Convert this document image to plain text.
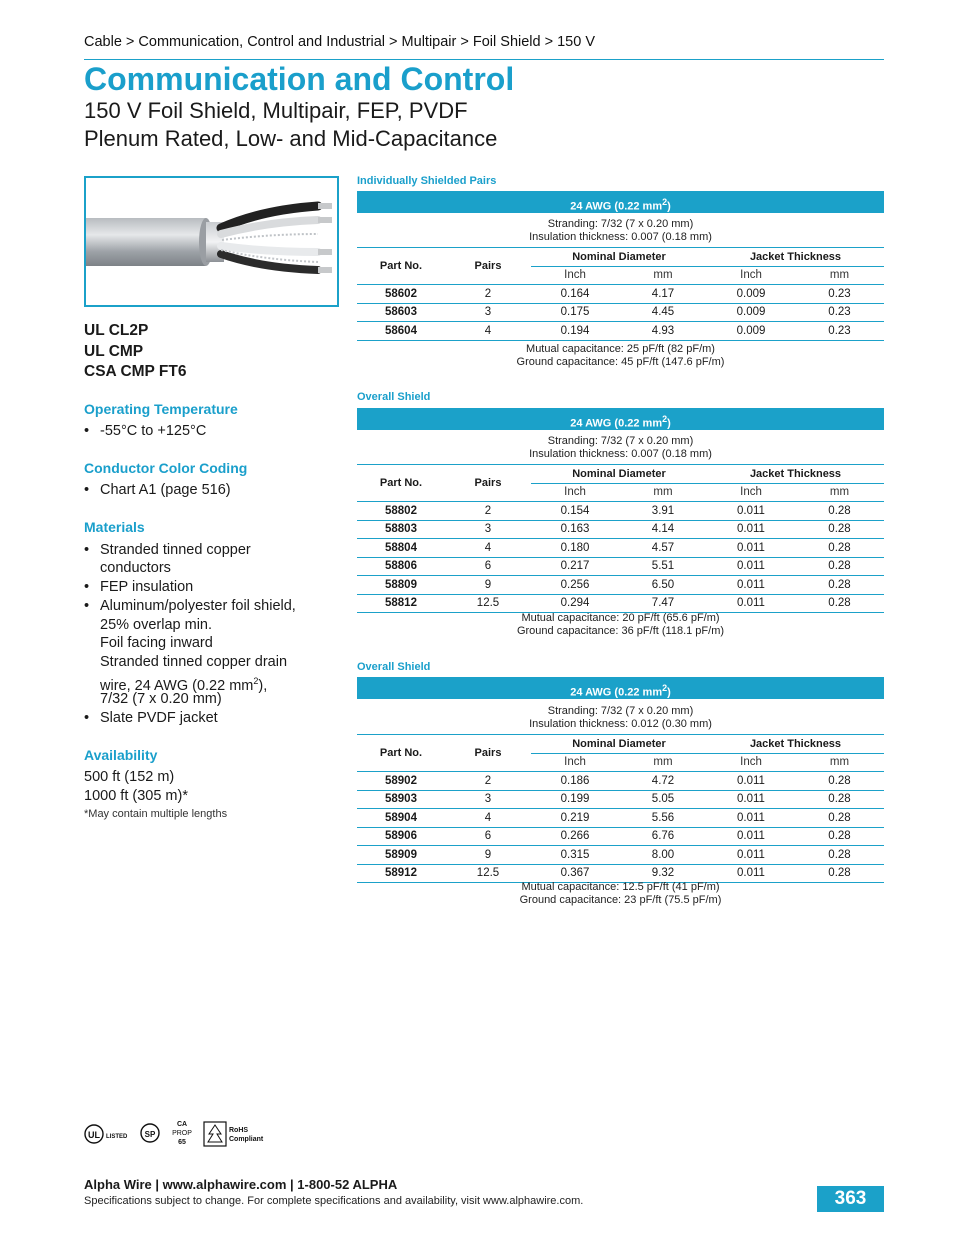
Cable > Communication, Control and Industrial > Multipair > Foil Shield > 150 V
Communication and Control
150 V Foil Shield, Multipair, FEP, PVDF
Plenum Rated, Low- and Mid-Capacitance
UL CL2P
UL CMP
CSA CMP FT6
Operating Temperature
• -55°C to +125°C
Conductor Color Coding
• Chart A1 (page 516)
Materials
• Stranded tinned copper
conductors
• FEP insulation
• Aluminum/polyester foil shield,
25% overlap min.
Foil facing inward
Stranded tinned copper drain
wire, 24 AWG (0.22 $mm^2$),
7/32 (7 x 0.20 mm)
• Slate PVDF jacket
Availability
500 ft (152 m)
1000 ft (305 m)*
*May contain multiple lengths
Individually Shielded Pairs
24 AWG (0.22 $mm^2$)
Stranding: 7/32 (7 x 0.20 mm)
Insulation thickness: 0.007 (0.18 mm)
Part No.	Pairs	Nominal Diameter		Jacket Thickness	
		Inch	mm	Inch	mm
58602	2	0.164	4.17	0.009	0.23
58603	3	0.175	4.45	0.009	0.23
58604	4	0.194	4.93	0.009	0.23
Mutual capacitance: 25 pF/ft (82 pF/m)
Ground capacitance: 45 pF/ft (147.6 pF/m)
Overall Shield
24 AWG (0.22 $mm^2$)
Stranding: 7/32 (7 x 0.20 mm)
Insulation thickness: 0.007 (0.18 mm)
Part No.	Pairs	Nominal Diameter		Jacket Thickness	
		Inch	mm	Inch	mm
58802	2	0.154	3.91	0.011	0.28
58803	3	0.163	4.14	0.011	0.28
58804	4	0.180	4.57	0.011	0.28
58806	6	0.217	5.51	0.011	0.28
58809	9	0.256	6.50	0.011	0.28
58812	12.5	0.294	7.47	0.011	0.28
Mutual capacitance: 20 pF/ft (65.6 pF/m)
Ground capacitance: 36 pF/ft (118.1 pF/m)
Overall Shield
24 AWG (0.22 $mm^2$)
Stranding: 7/32 (7 x 0.20 mm)
Insulation thickness: 0.012 (0.30 mm)
Part No.	Pairs	Nominal Diameter		Jacket Thickness	
		Inch	mm	Inch	mm
58902	2	0.186	4.72	0.011	0.28
58903	3	0.199	5.05	0.011	0.28
58904	4	0.219	5.56	0.011	0.28
58906	6	0.266	6.76	0.011	0.28
58909	9	0.315	8.00	0.011	0.28
58912	12.5	0.367	9.32	0.011	0.28
Mutual capacitance: 12.5 pF/ft (41 pF/m)
Ground capacitance: 23 pF/ft (75.5 pF/m)
UL LISTED SP
CA
PROP
65
RoHS
Compliant
Alpha Wire | www.alphawire.com | 1-800-52 ALPHA
Specifications subject to change. For complete specifications and availability, visit www.alphawire.com.	363
